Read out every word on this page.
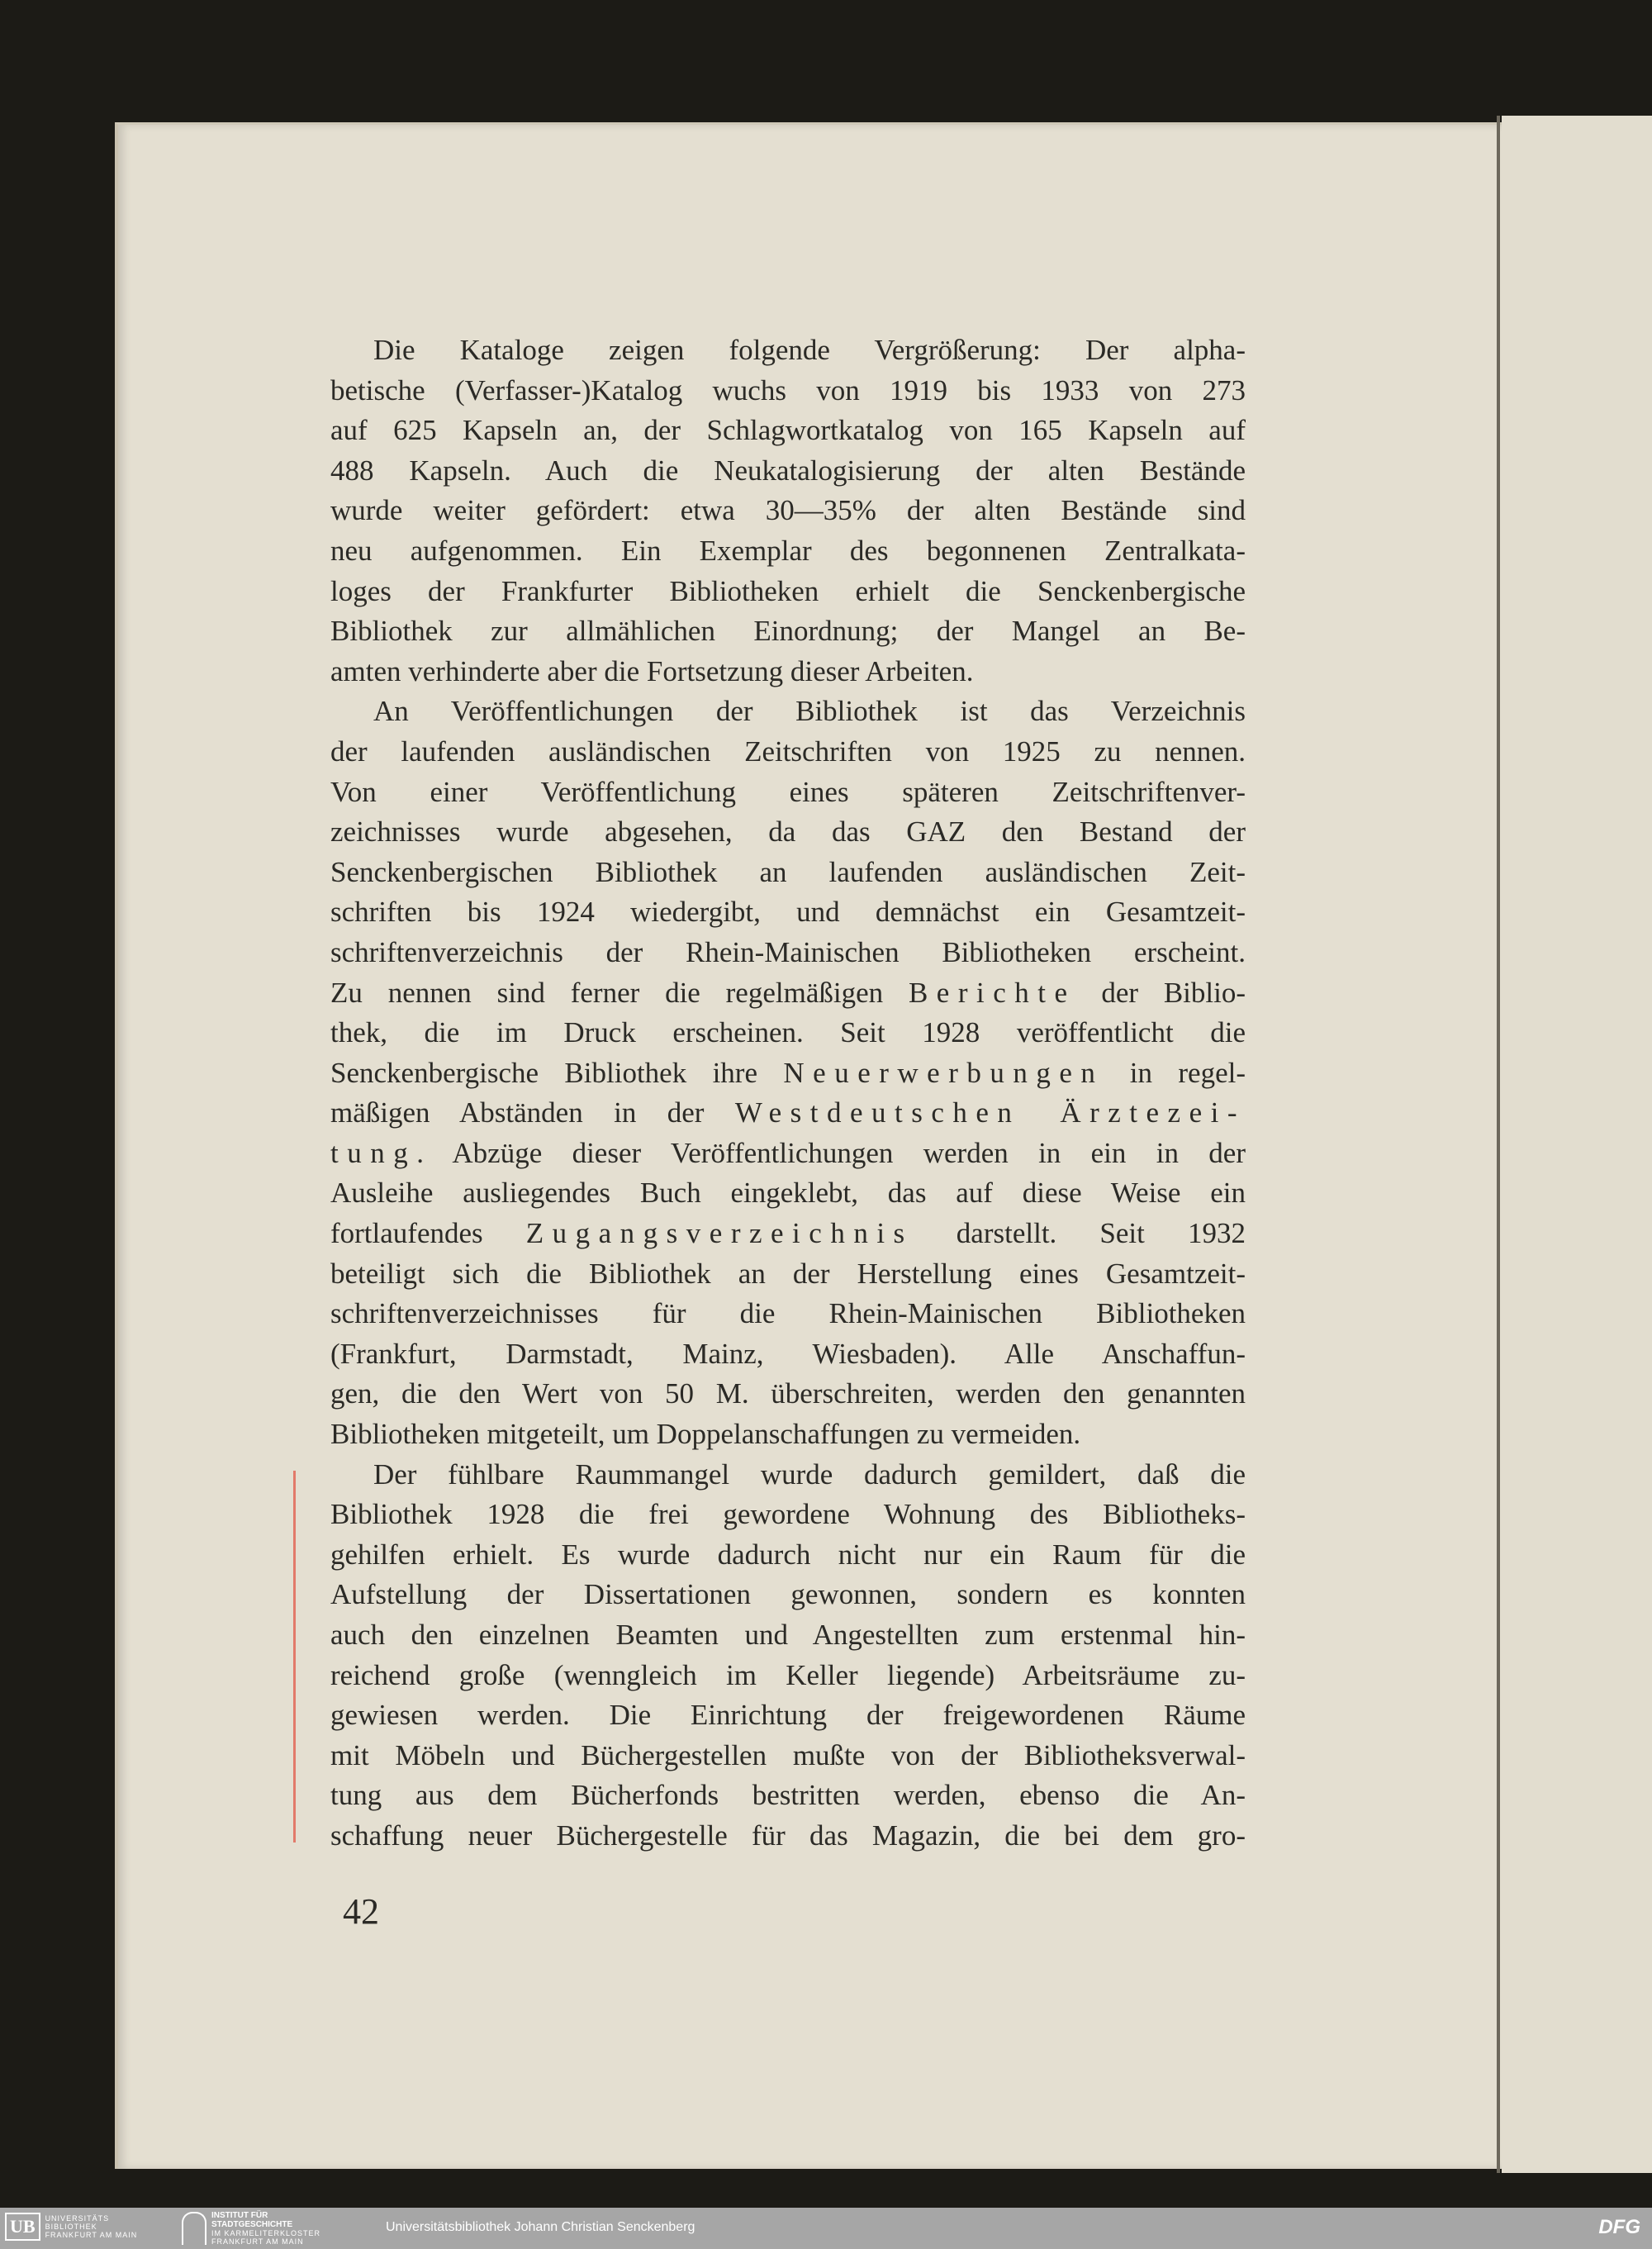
Die Kataloge zeigen folgende Vergrößerung: Der alpha-
betische (Verfasser-)Katalog wuchs von 1919 bis 1933 von 273
auf 625 Kapseln an, der Schlagwortkatalog von 165 Kapseln auf
488 Kapseln. Auch die Neukatalogisierung der alten Bestände
wurde weiter gefördert: etwa 30—35% der alten Bestände sind
neu aufgenommen. Ein Exemplar des begonnenen Zentralkata-
loges der Frankfurter Bibliotheken erhielt die Senckenbergische
Bibliothek zur allmählichen Einordnung; der Mangel an Be-
amten verhinderte aber die Fortsetzung dieser Arbeiten.
An Veröffentlichungen der Bibliothek ist das Verzeichnis
der laufenden ausländischen Zeitschriften von 1925 zu nennen.
Von einer Veröffentlichung eines späteren Zeitschriftenver-
zeichnisses wurde abgesehen, da das GAZ den Bestand der
Senckenbergischen Bibliothek an laufenden ausländischen Zeit-
schriften bis 1924 wiedergibt, und demnächst ein Gesamtzeit-
schriftenverzeichnis der Rhein-Mainischen Bibliotheken erscheint.
Zu nennen sind ferner die regelmäßigen Berichte der Biblio-
thek, die im Druck erscheinen. Seit 1928 veröffentlicht die
Senckenbergische Bibliothek ihre Neuerwerbungen in regel-
mäßigen Abständen in der Westdeutschen Ärztezei-
tung. Abzüge dieser Veröffentlichungen werden in ein in der
Ausleihe ausliegendes Buch eingeklebt, das auf diese Weise ein
fortlaufendes Zugangsverzeichnis darstellt. Seit 1932
beteiligt sich die Bibliothek an der Herstellung eines Gesamtzeit-
schriftenverzeichnisses für die Rhein-Mainischen Bibliotheken
(Frankfurt, Darmstadt, Mainz, Wiesbaden). Alle Anschaffun-
gen, die den Wert von 50 M. überschreiten, werden den genannten
Bibliotheken mitgeteilt, um Doppelanschaffungen zu vermeiden.
Der fühlbare Raummangel wurde dadurch gemildert, daß die
Bibliothek 1928 die frei gewordene Wohnung des Bibliotheks-
gehilfen erhielt. Es wurde dadurch nicht nur ein Raum für die
Aufstellung der Dissertationen gewonnen, sondern es konnten
auch den einzelnen Beamten und Angestellten zum erstenmal hin-
reichend große (wenngleich im Keller liegende) Arbeitsräume zu-
gewiesen werden. Die Einrichtung der freigewordenen Räume
mit Möbeln und Büchergestellen mußte von der Bibliotheksverwal-
tung aus dem Bücherfonds bestritten werden, ebenso die An-
schaffung neuer Büchergestelle für das Magazin, die bei dem gro-
42
UB	UNIVERSITÄTS
BIBLIOTHEK
FRANKFURT AM MAIN
INSTITUT FÜR
STADTGESCHICHTE
IM KARMELITERKLOSTER
FRANKFURT AM MAIN
Universitätsbibliothek Johann Christian Senckenberg	DFG
